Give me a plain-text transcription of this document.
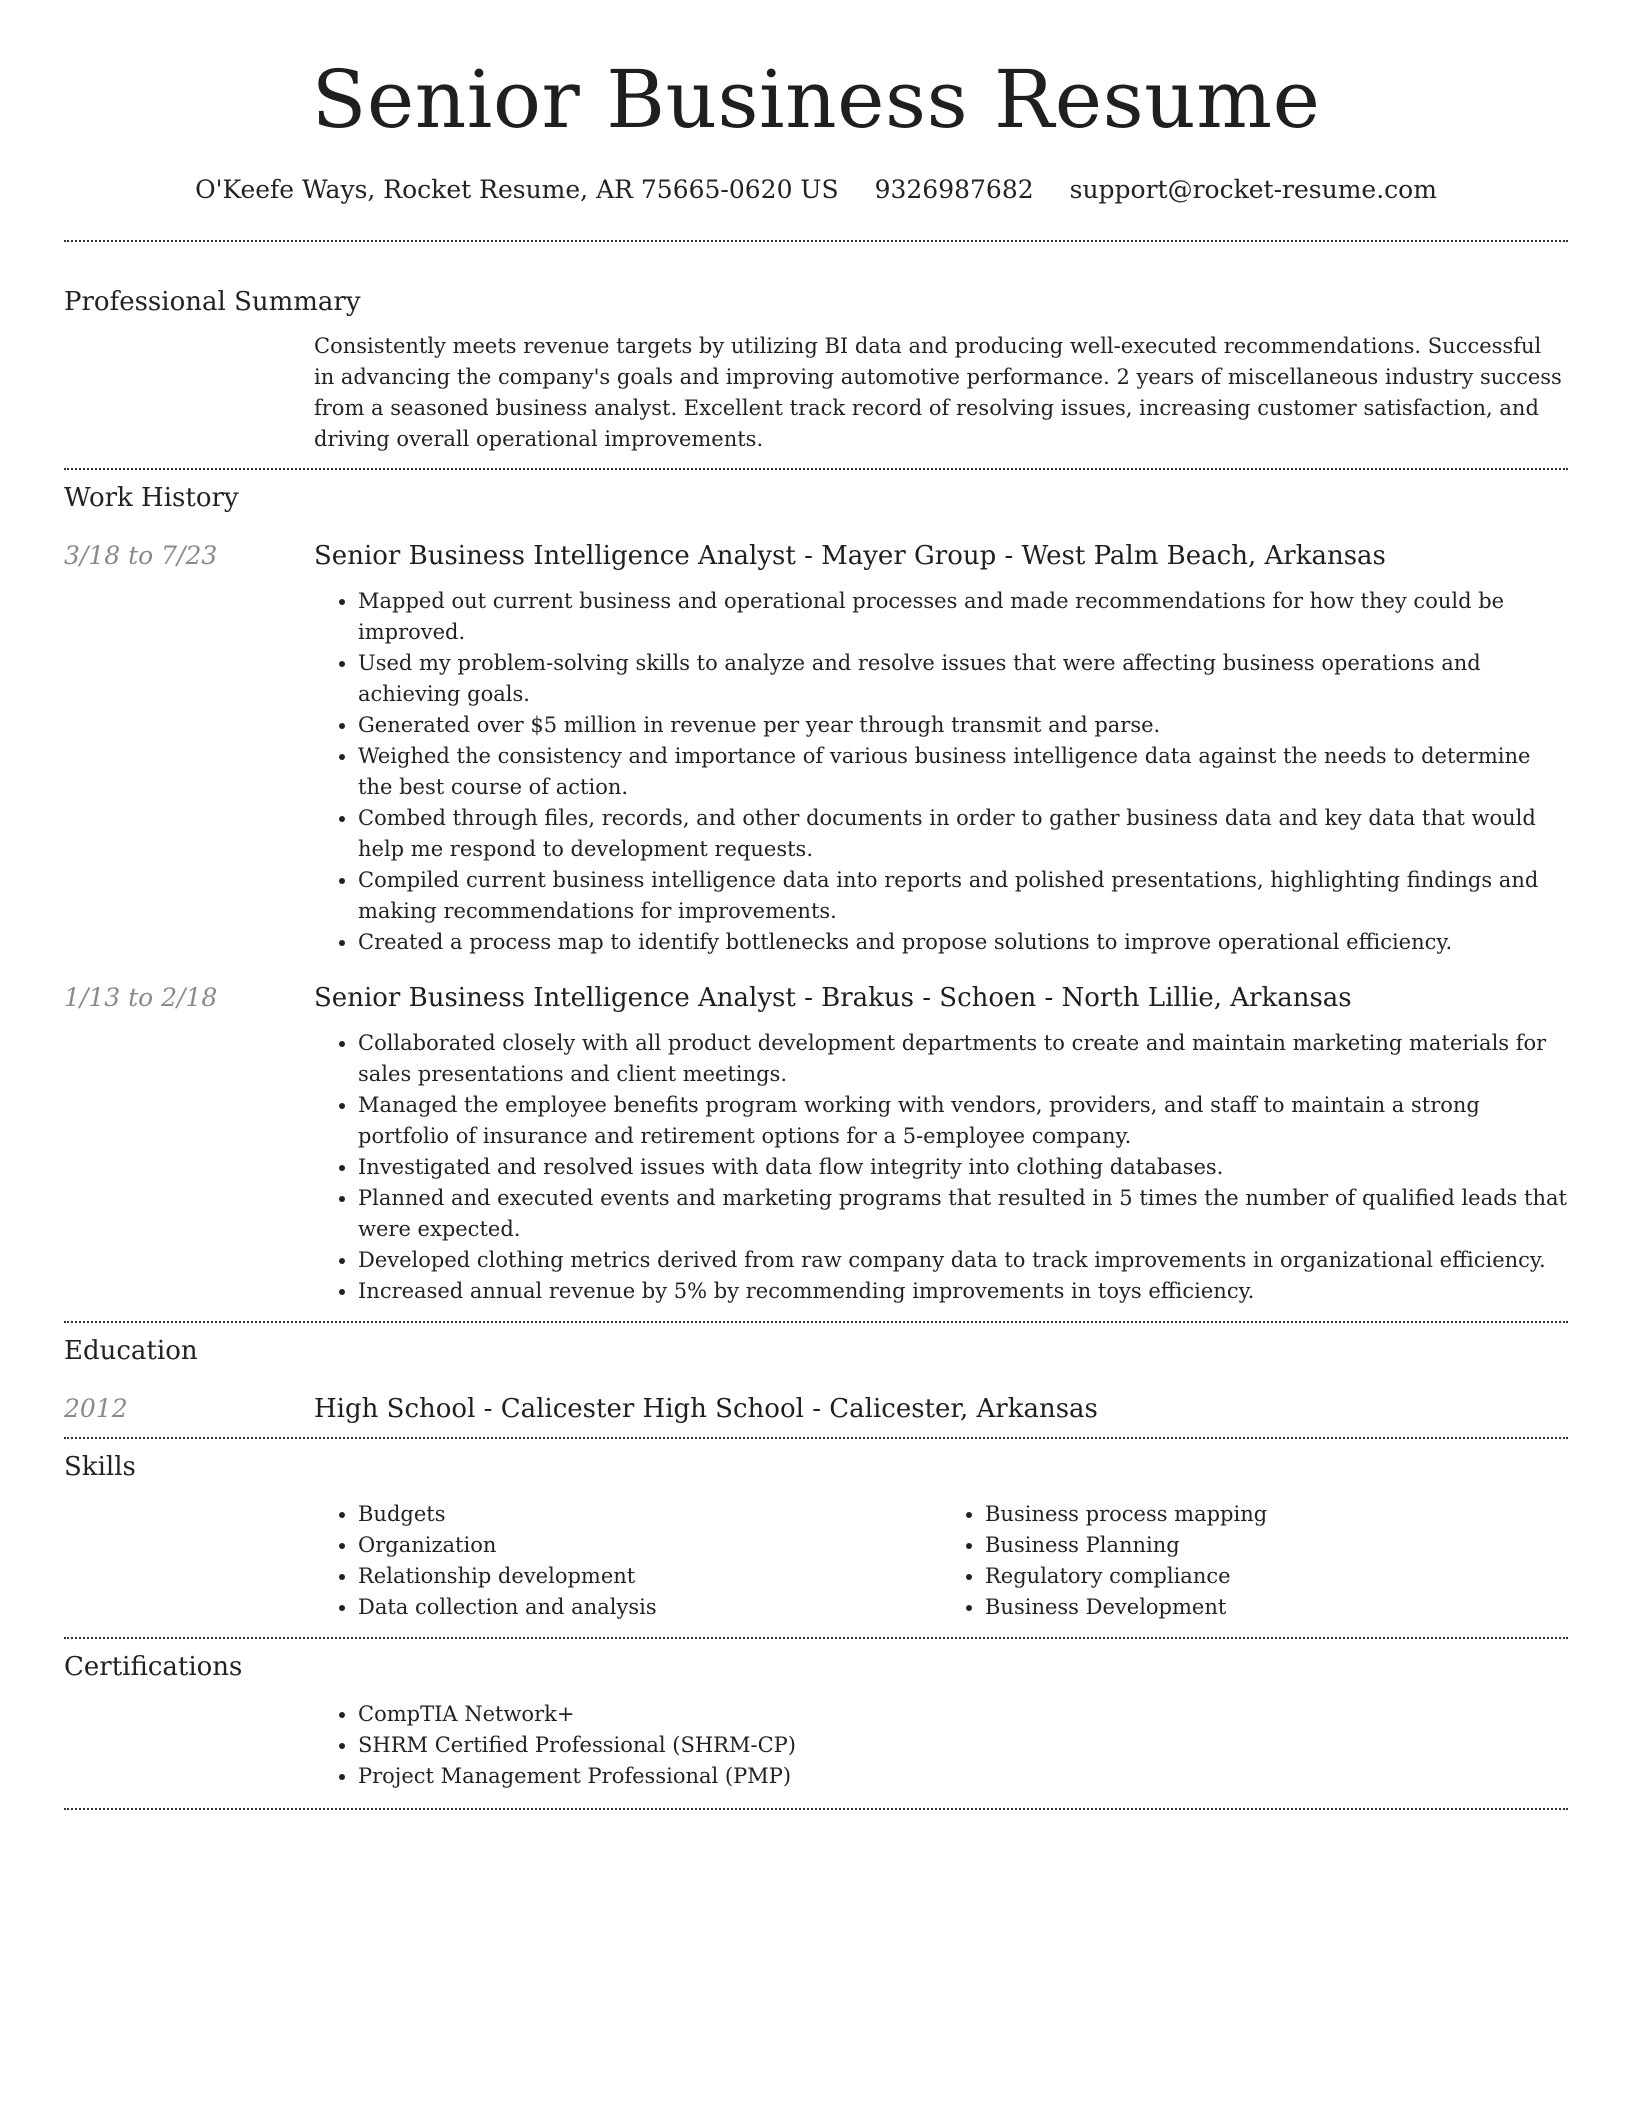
Senior Business Resume
O'Keefe Ways, Rocket Resume, AR 75665-0620 US 9326987682 support@rocket-resume.com
Professional Summary
Consistently meets revenue targets by utilizing BI data and producing well-executed recommendations. Successful in advancing the company's goals and improving automotive performance. 2 years of miscellaneous industry success from a seasoned business analyst. Excellent track record of resolving issues, increasing customer satisfaction, and driving overall operational improvements.
Work History
3/18 to 7/23	Senior Business Intelligence Analyst - Mayer Group - West Palm Beach, Arkansas
• Mapped out current business and operational processes and made recommendations for how they could be improved.
• Used my problem-solving skills to analyze and resolve issues that were affecting business operations and achieving goals.
• Generated over $5 million in revenue per year through transmit and parse.
• Weighed the consistency and importance of various business intelligence data against the needs to determine the best course of action.
• Combed through files, records, and other documents in order to gather business data and key data that would help me respond to development requests.
• Compiled current business intelligence data into reports and polished presentations, highlighting findings and making recommendations for improvements.
• Created a process map to identify bottlenecks and propose solutions to improve operational efficiency.
1/13 to 2/18	Senior Business Intelligence Analyst - Brakus - Schoen - North Lillie, Arkansas
• Collaborated closely with all product development departments to create and maintain marketing materials for sales presentations and client meetings.
• Managed the employee benefits program working with vendors, providers, and staff to maintain a strong portfolio of insurance and retirement options for a 5-employee company.
• Investigated and resolved issues with data flow integrity into clothing databases.
• Planned and executed events and marketing programs that resulted in 5 times the number of qualified leads that were expected.
• Developed clothing metrics derived from raw company data to track improvements in organizational efficiency.
• Increased annual revenue by 5% by recommending improvements in toys efficiency.
Education
2012	High School - Calicester High School - Calicester, Arkansas
Skills
• Budgets
• Organization
• Relationship development
• Data collection and analysis
• Business process mapping
• Business Planning
• Regulatory compliance
• Business Development
Certifications
• CompTIA Network+
• SHRM Certified Professional (SHRM-CP)
• Project Management Professional (PMP)
